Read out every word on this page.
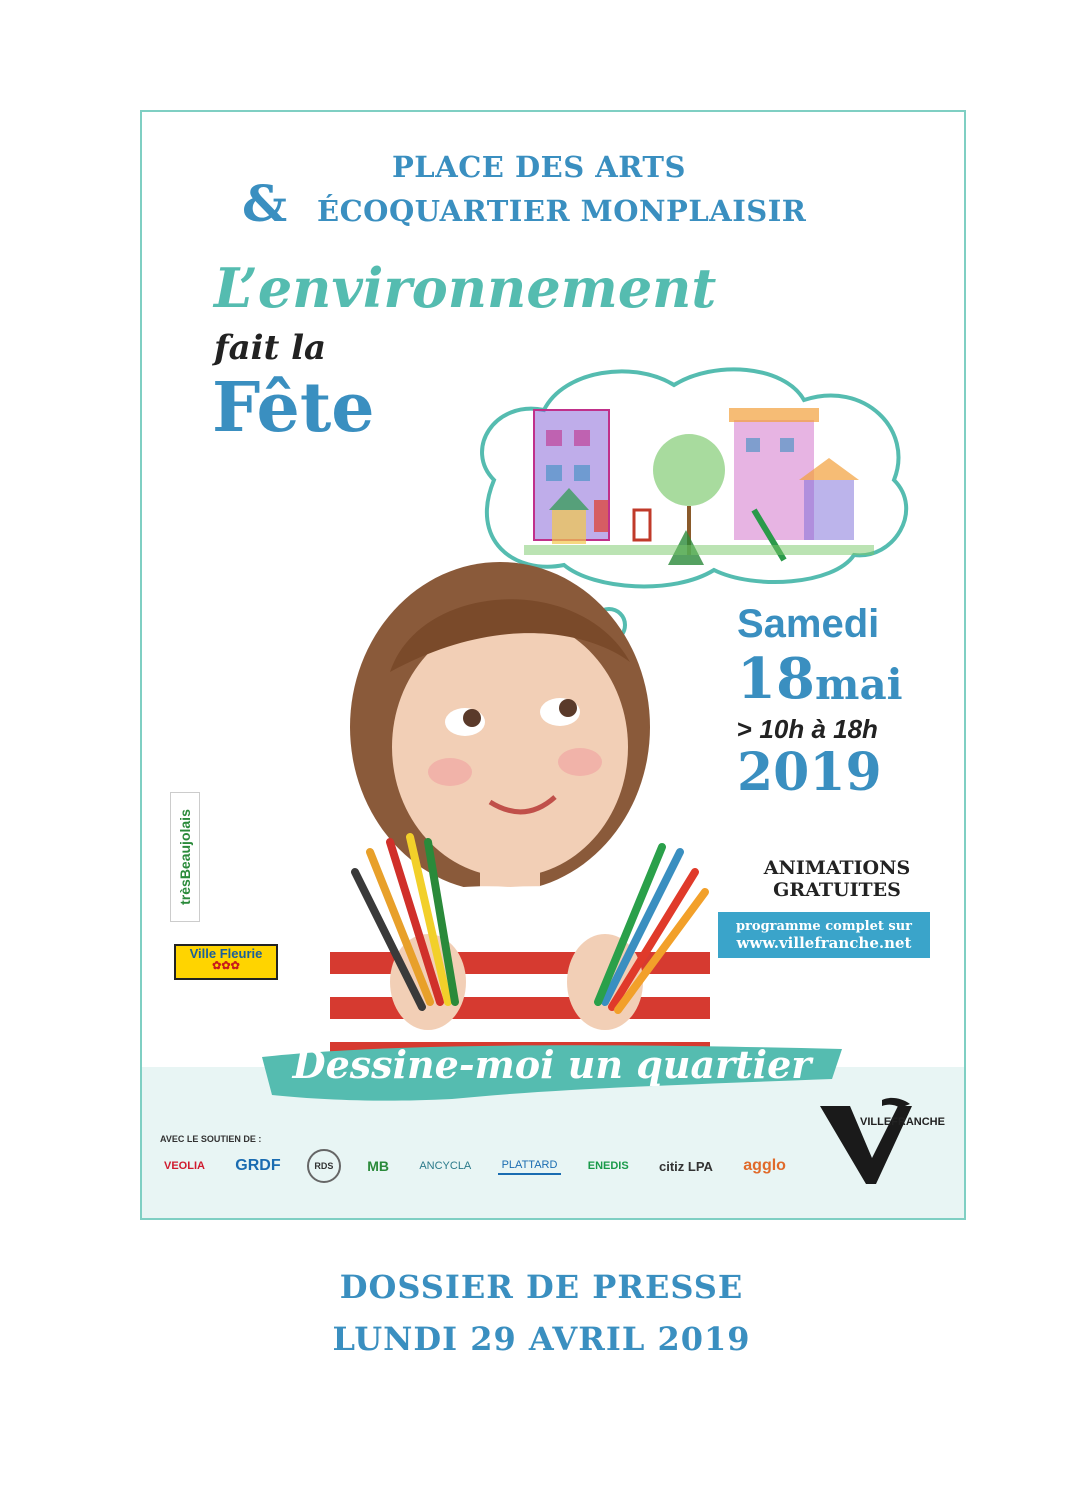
PLACE DES ARTS
& ÉCOQUARTIER MONPLAISIR
L’environnement
fait la
Fête
Samedi
18 mai
> 10h à 18h
2019
ANIMATIONS
GRATUITES
programme complet sur
www.villefranche.net
trèsBeaujolais
Ville Fleurie
✿✿✿
Dessine-moi un quartier
AVEC LE SOUTIEN DE :
VEOLIA GRDF	RDS	MB	ANCYCLA	PLATTARD	ENEDIS	citiz LPA agglo
VILLEFRANCHE
DOSSIER DE PRESSE
LUNDI 29 AVRIL 2019
